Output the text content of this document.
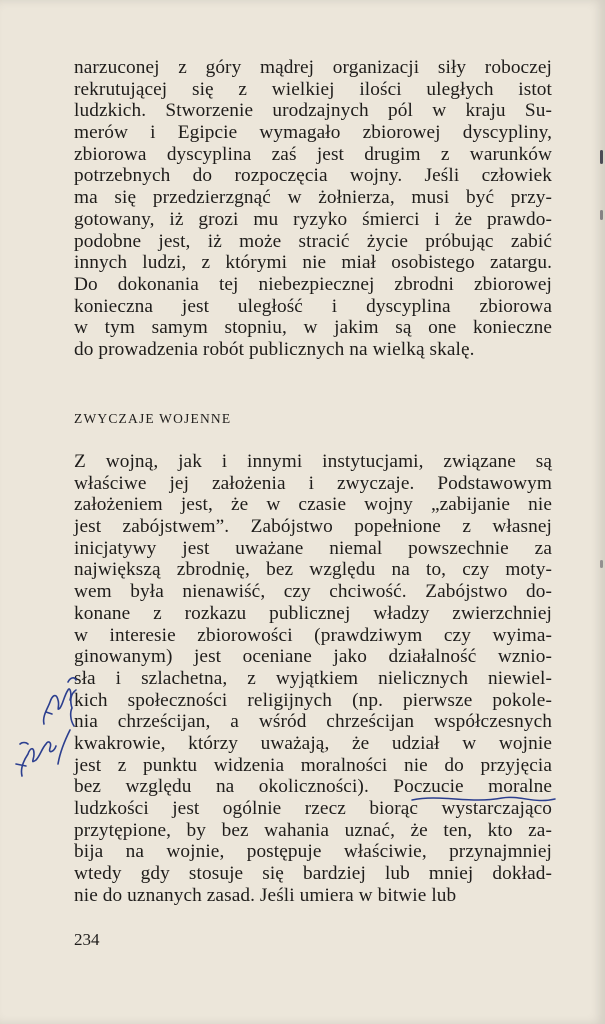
narzuconej z góry mądrej organizacji siły roboczej
rekrutującej się z wielkiej ilości uległych istot
ludzkich. Stworzenie urodzajnych pól w kraju Su-
merów i Egipcie wymagało zbiorowej dyscypliny,
zbiorowa dyscyplina zaś jest drugim z warunków
potrzebnych do rozpoczęcia wojny. Jeśli człowiek
ma się przedzierzgnąć w żołnierza, musi być przy-
gotowany, iż grozi mu ryzyko śmierci i że prawdo-
podobne jest, iż może stracić życie próbując zabić
innych ludzi, z którymi nie miał osobistego zatargu.
Do dokonania tej niebezpiecznej zbrodni zbiorowej
konieczna jest uległość i dyscyplina zbiorowa
w tym samym stopniu, w jakim są one konieczne
do prowadzenia robót publicznych na wielką skalę.
ZWYCZAJE WOJENNE
Z wojną, jak i innymi instytucjami, związane są
właściwe jej założenia i zwyczaje. Podstawowym
założeniem jest, że w czasie wojny „zabijanie nie
jest zabójstwem”. Zabójstwo popełnione z własnej
inicjatywy jest uważane niemal powszechnie za
największą zbrodnię, bez względu na to, czy moty-
wem była nienawiść, czy chciwość. Zabójstwo do-
konane z rozkazu publicznej władzy zwierzchniej
w interesie zbiorowości (prawdziwym czy wyima-
ginowanym) jest oceniane jako działalność wznio-
sła i szlachetna, z wyjątkiem nielicznych niewiel-
kich społeczności religijnych (np. pierwsze pokole-
nia chrześcijan, a wśród chrześcijan współczesnych
kwakrowie, którzy uważają, że udział w wojnie
jest z punktu widzenia moralności nie do przyjęcia
bez względu na okoliczności). Poczucie moralne
ludzkości jest ogólnie rzecz biorąc wystarczająco
przytępione, by bez wahania uznać, że ten, kto za-
bija na wojnie, postępuje właściwie, przynajmniej
wtedy gdy stosuje się bardziej lub mniej dokład-
nie do uznanych zasad. Jeśli umiera w bitwie lub
234
